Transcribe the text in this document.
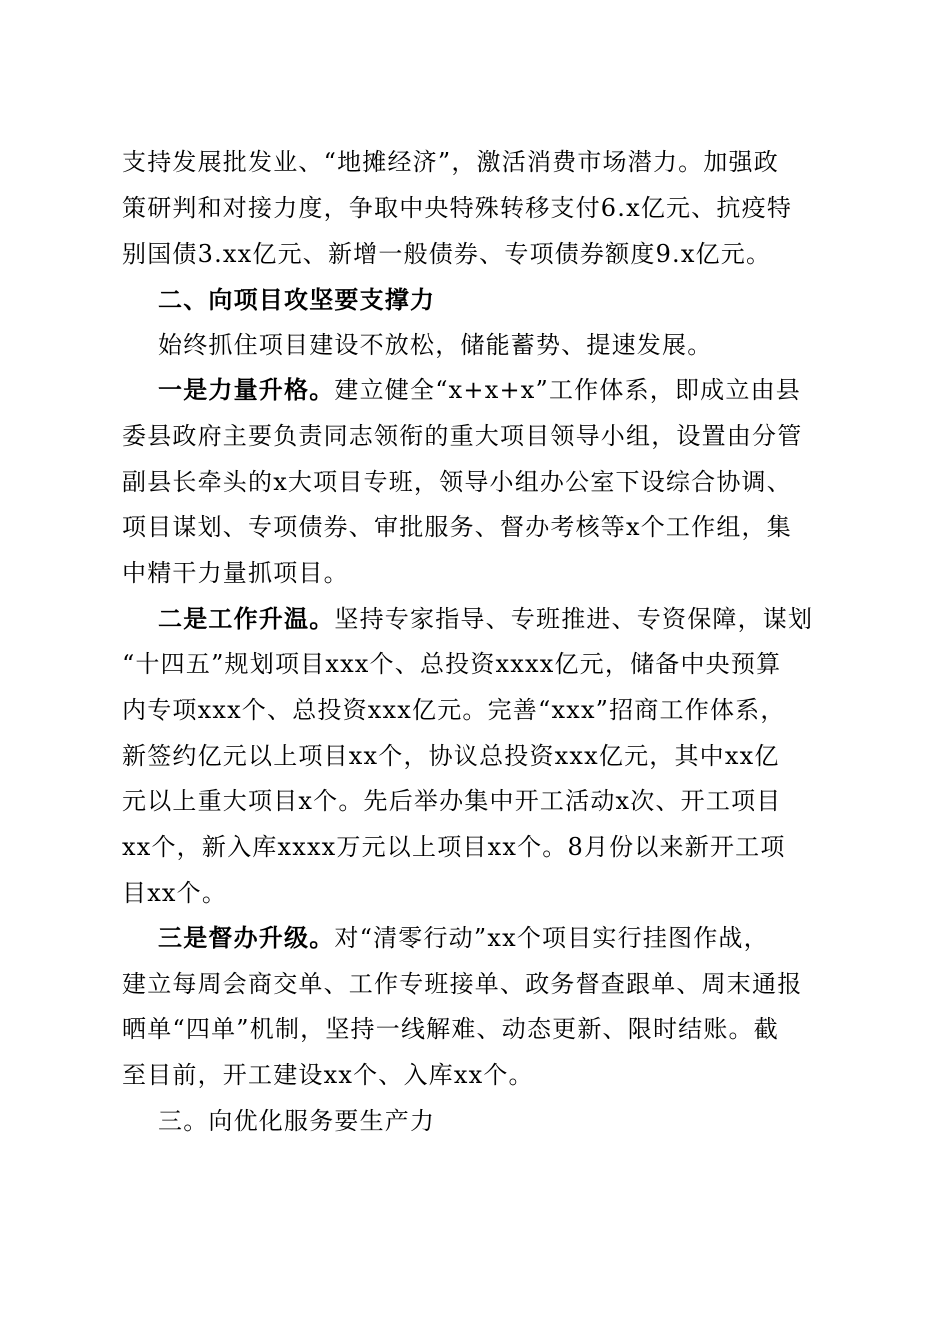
支持发展批发业、“地摊经济”，激活消费市场潜力。加强政
策研判和对接力度，争取中央特殊转移支付6.x亿元、抗疫特
别国债3.xx亿元、新增一般债券、专项债券额度9.x亿元。
二、向项目攻坚要支撑力
始终抓住项目建设不放松，储能蓄势、提速发展。
一是力量升格。建立健全“x+x+x”工作体系，即成立由县
委县政府主要负责同志领衔的重大项目领导小组，设置由分管
副县长牵头的x大项目专班，领导小组办公室下设综合协调、
项目谋划、专项债券、审批服务、督办考核等x个工作组，集
中精干力量抓项目。
二是工作升温。坚持专家指导、专班推进、专资保障，谋划
“十四五”规划项目xxx个、总投资xxxx亿元，储备中央预算
内专项xxx个、总投资xxx亿元。完善“xxx”招商工作体系，
新签约亿元以上项目xx个，协议总投资xxx亿元，其中xx亿
元以上重大项目x个。先后举办集中开工活动x次、开工项目
xx个，新入库xxxx万元以上项目xx个。8月份以来新开工项
目xx个。
三是督办升级。对“清零行动”xx个项目实行挂图作战，
建立每周会商交单、工作专班接单、政务督查跟单、周末通报
晒单“四单”机制，坚持一线解难、动态更新、限时结账。截
至目前，开工建设xx个、入库xx个。
三。向优化服务要生产力
